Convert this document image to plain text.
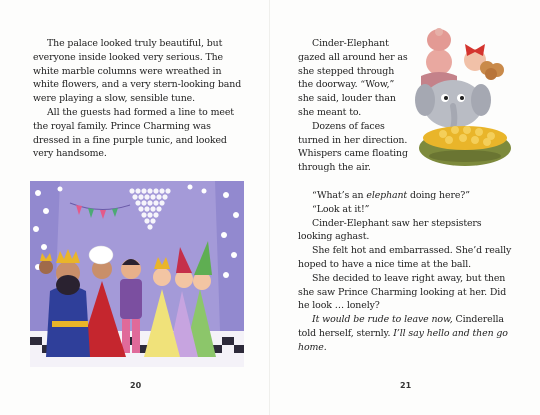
The palace looked truly beautiful, but everyone inside looked very serious. The white marble columns were wreathed in white flowers, and a very stern-looking band were playing a slow, sensible tune.

All the guests had formed a line to meet the royal family. Prince Charming was dressed in a fine purple tunic, and looked very handsome.

20

Cinder-Elephant gazed all around her as she stepped through the doorway. “Wow,” she said, louder than she meant to.

Dozens of faces turned in her direction. Whispers came floating through the air.

“What’s an elephant doing here?”

“Look at it!”

Cinder-Elephant saw her stepsisters looking aghast.

She felt hot and embarrassed. She’d really hoped to have a nice time at the ball.

She decided to leave right away, but then she saw Prince Charming looking at her. Did he look … lonely?

It would be rude to leave now, Cinderella told herself, sternly. I’ll say hello and then go home.

21
